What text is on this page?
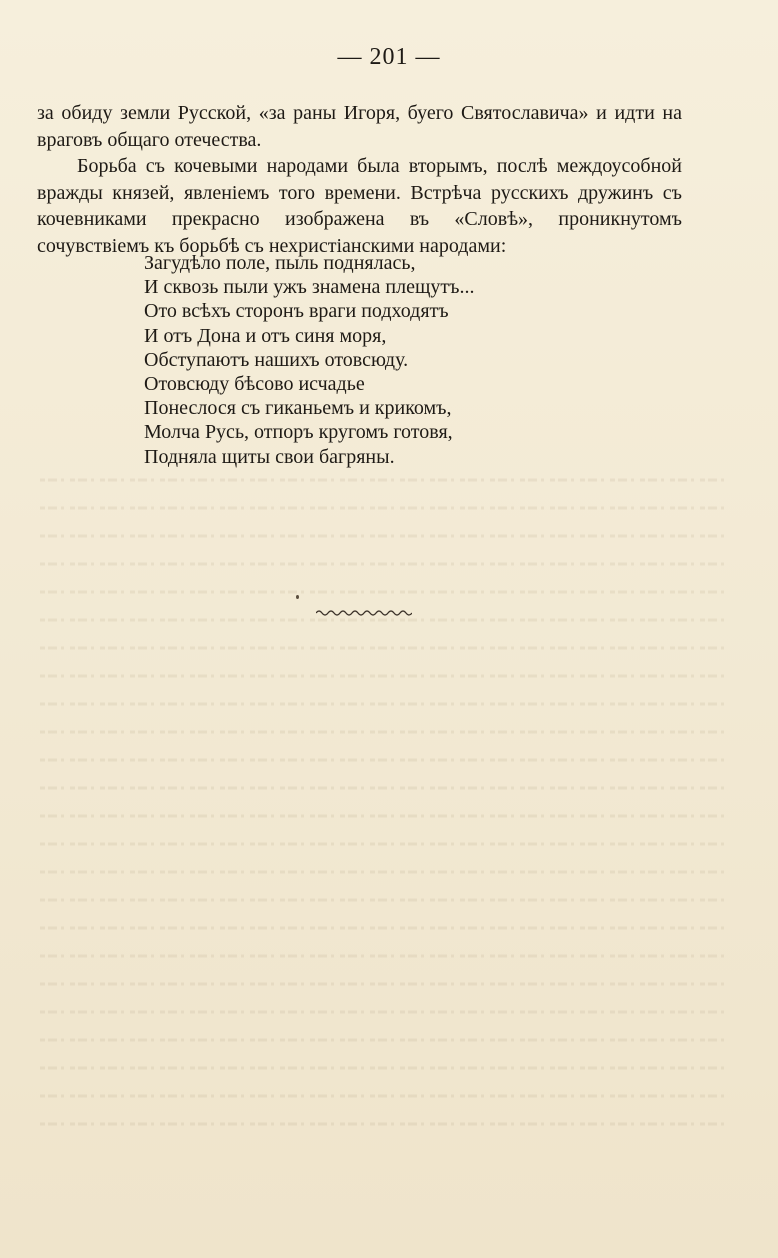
— 201 —

за обиду земли Русской, «за раны Игоря, буего Святославича» и идти на враговъ общаго отечества.

Борьба съ кочевыми народами была вторымъ, послѣ междоусобной вражды князей, явленіемъ того времени. Встрѣча русскихъ дружинъ съ кочевниками прекрасно изображена въ «Словѣ», проникнутомъ сочувствіемъ къ борьбѣ съ нехристіанскими народами:

Загудѣло поле, пыль поднялась,
И сквозь пыли ужъ знамена плещутъ...
Ото всѣхъ сторонъ враги подходятъ
И отъ Дона и отъ синя моря,
Обступаютъ нашихъ отовсюду.
Отовсюду бѣсово исчадье
Понеслося съ гиканьемъ и крикомъ,
Молча Русь, отпоръ кругомъ готовя,
Подняла щиты свои багряны.
